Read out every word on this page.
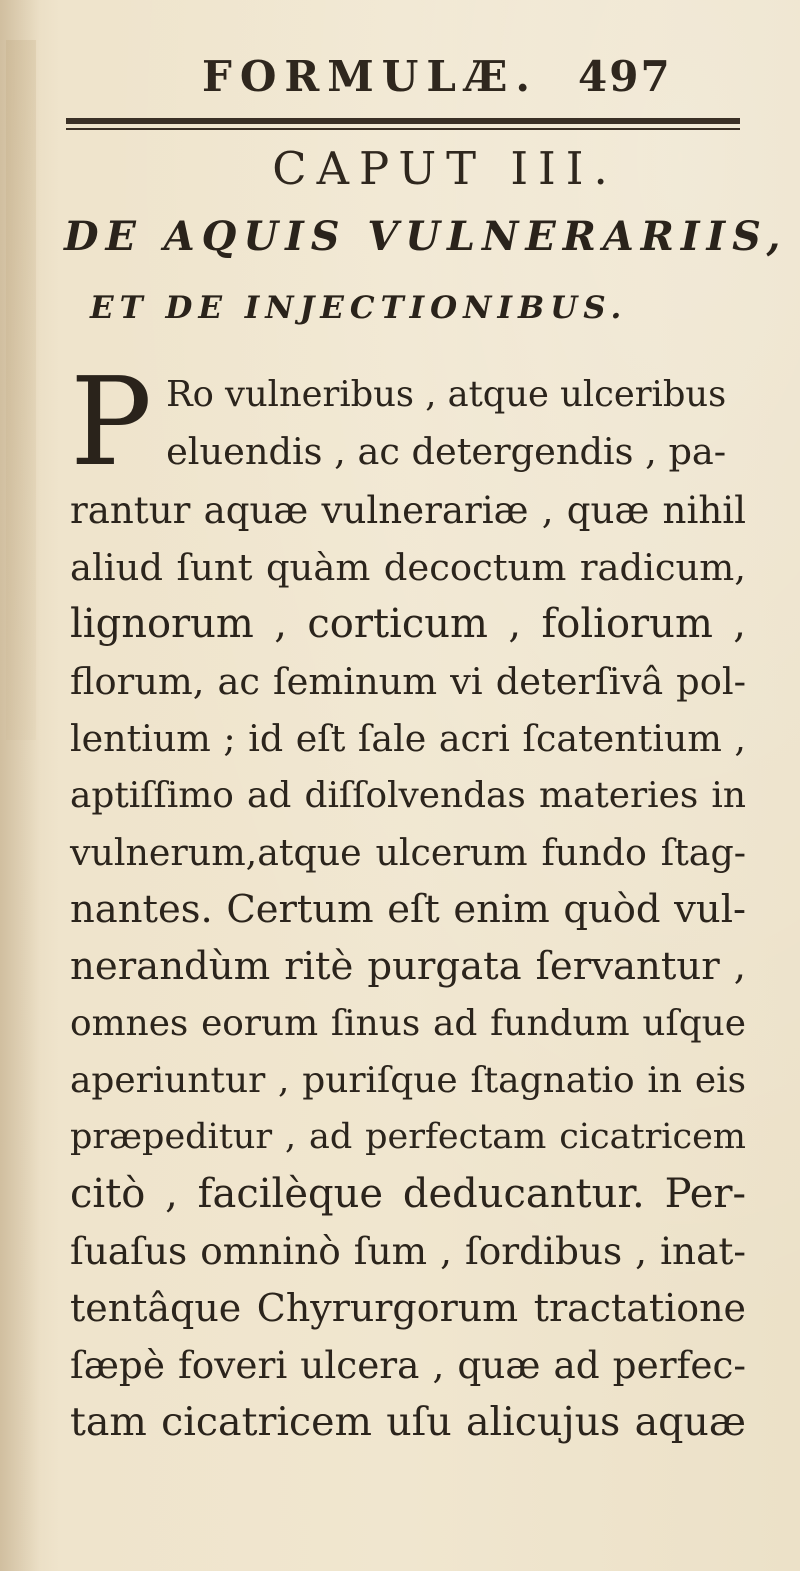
FORMULÆ. 497
CAPUT III.
DE AQUIS VULNERARIIS,
ET DE INJECTIONIBUS.
P Ro vulneribus , atque ulceribus
eluendis , ac detergendis , pa-
rantur aquæ vulnerariæ , quæ nihil
aliud ſunt quàm decoctum radicum,
lignorum , corticum , foliorum ,
florum, ac ſeminum vi deterſivâ pol-
lentium ; id eſt ſale acri ſcatentium ,
aptiſſimo ad diſſolvendas materies in
vulnerum,atque ulcerum fundo ſtag-
nantes. Certum eſt enim quòd vul-
nerandùm ritè purgata ſervantur ,
omnes eorum ſinus ad fundum uſque
aperiuntur , puriſque ſtagnatio in eis
præpeditur , ad perfectam cicatricem
citò , facilèque deducantur. Per-
ſuaſus omninò ſum , ſordibus , inat-
tentâque Chyrurgorum tractatione
ſæpè foveri ulcera , quæ ad perfec-
tam cicatricem uſu alicujus aquæ
